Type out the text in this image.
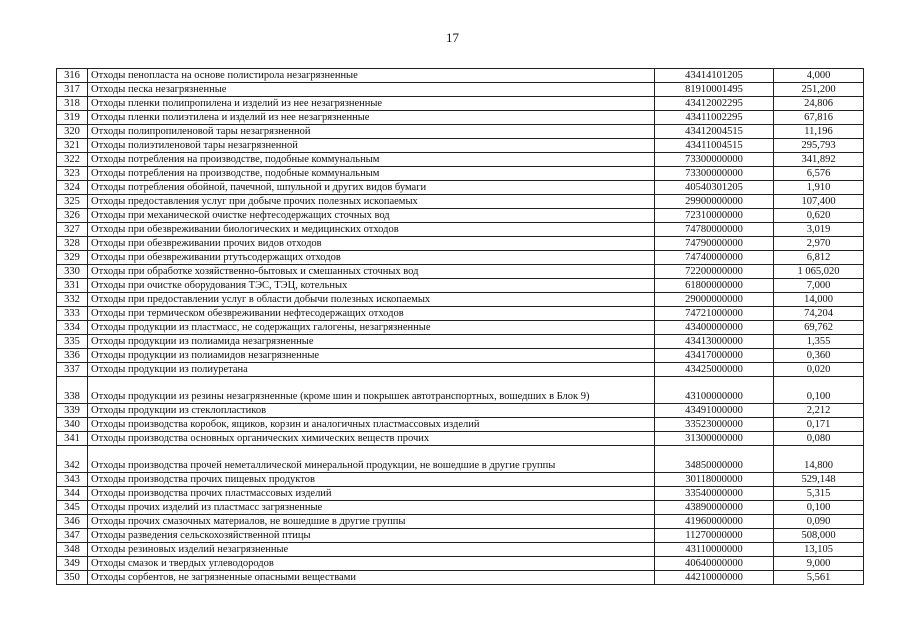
17
316	Отходы пенопласта на основе полистирола незагрязненные	43414101205	4,000
317	Отходы песка незагрязненные	81910001495	251,200
318	Отходы пленки полипропилена и изделий из нее незагрязненные	43412002295	24,806
319	Отходы пленки полиэтилена и изделий из нее незагрязненные	43411002295	67,816
320	Отходы полипропиленовой тары незагрязненной	43412004515	11,196
321	Отходы полиэтиленовой тары незагрязненной	43411004515	295,793
322	Отходы потребления на производстве, подобные коммунальным	73300000000	341,892
323	Отходы потребления на производстве, подобные коммунальным	73300000000	6,576
324	Отходы потребления обойной, пачечной, шпульной и других видов бумаги	40540301205	1,910
325	Отходы предоставления услуг при добыче прочих полезных ископаемых	29900000000	107,400
326	Отходы при механической очистке нефтесодержащих сточных вод	72310000000	0,620
327	Отходы при обезвреживании биологических и медицинских отходов	74780000000	3,019
328	Отходы при обезвреживании прочих видов отходов	74790000000	2,970
329	Отходы при обезвреживании ртутьсодержащих отходов	74740000000	6,812
330	Отходы при обработке хозяйственно-бытовых и смешанных сточных вод	72200000000	1 065,020
331	Отходы при очистке оборудования ТЭС, ТЭЦ, котельных	61800000000	7,000
332	Отходы при предоставлении услуг в области добычи полезных ископаемых	29000000000	14,000
333	Отходы при термическом обезвреживании нефтесодержащих отходов	74721000000	74,204
334	Отходы продукции из пластмасс, не содержащих галогены, незагрязненные	43400000000	69,762
335	Отходы продукции из полиамида незагрязненные	43413000000	1,355
336	Отходы продукции из полиамидов незагрязненные	43417000000	0,360
337	Отходы продукции из полиуретана	43425000000	0,020
338	Отходы продукции из резины незагрязненные (кроме шин и покрышек автотранспортных, вошедших в Блок 9)	43100000000	0,100
339	Отходы продукции из стеклопластиков	43491000000	2,212
340	Отходы производства коробок, ящиков, корзин и аналогичных пластмассовых изделий	33523000000	0,171
341	Отходы производства основных органических химических веществ прочих	31300000000	0,080
342	Отходы производства прочей неметаллической минеральной продукции, не вошедшие в другие группы	34850000000	14,800
343	Отходы производства прочих пищевых продуктов	30118000000	529,148
344	Отходы производства прочих пластмассовых изделий	33540000000	5,315
345	Отходы прочих изделий из пластмасс загрязненные	43890000000	0,100
346	Отходы прочих смазочных материалов, не вошедшие в другие группы	41960000000	0,090
347	Отходы разведения сельскохозяйственной птицы	11270000000	508,000
348	Отходы резиновых изделий незагрязненные	43110000000	13,105
349	Отходы смазок и твердых углеводородов	40640000000	9,000
350	Отходы сорбентов, не загрязненные опасными веществами	44210000000	5,561
